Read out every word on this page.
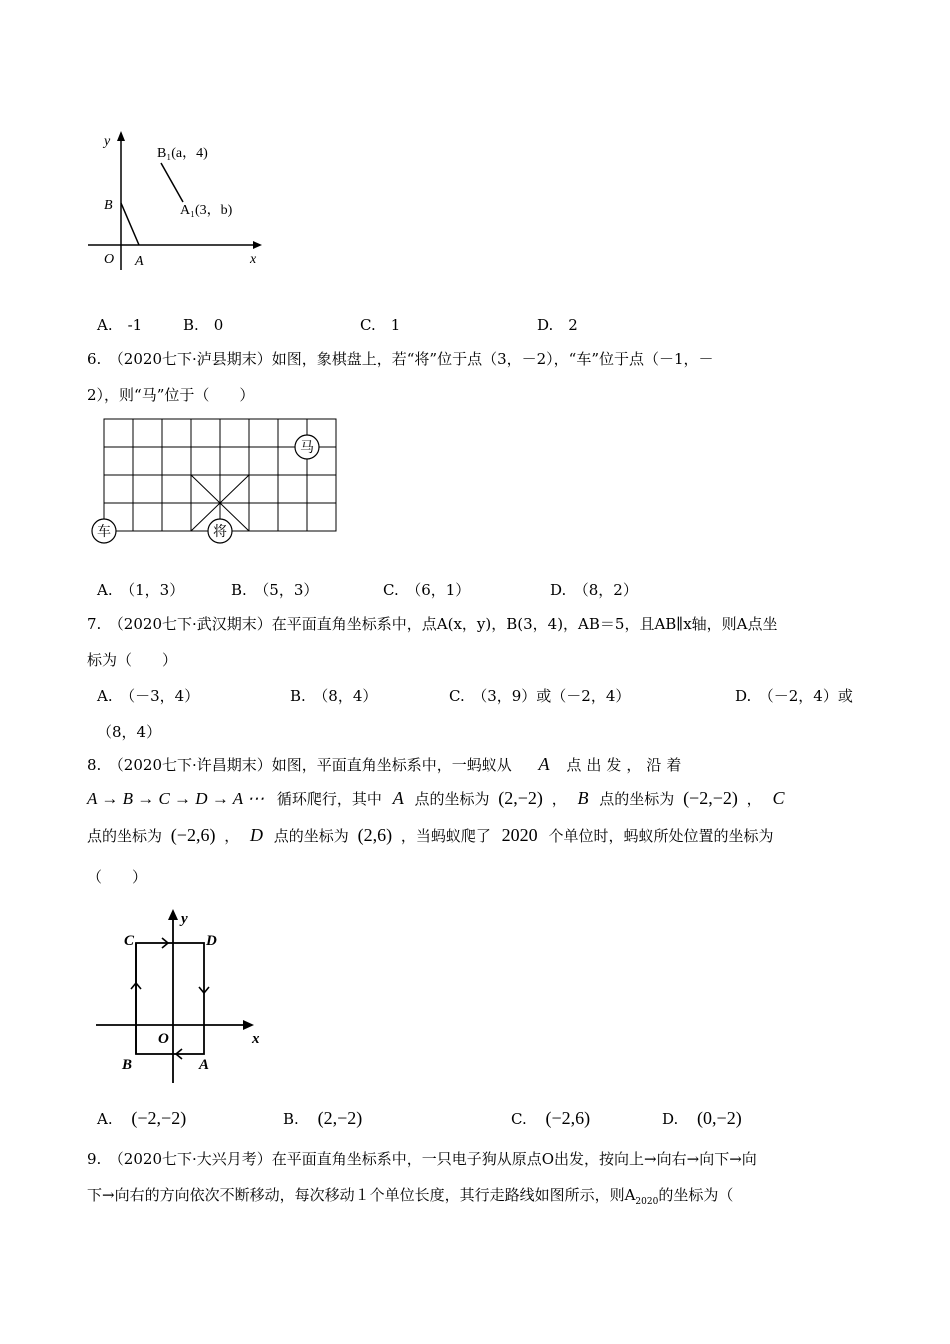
y
x
O A
B
B₁(a，4)
A₁(3，b)
A.　-1	B.　0	C.　1	D.　2
6.　（2020七下·泸县期末）如图，象棋盘上，若“将”位于点（3，－2），“车”位于点（－1，－
2），则“马”位于（　　）
马
车	将
A.　（1，3）	B.　（5，3）	C.　（6，1）	D.　（8，2）
7.　（2020七下·武汉期末）在平面直角坐标系中，点A(x，y)，B(3，4)，AB＝5，且AB∥x轴，则A点坐
标为（　　）
A.　（－3，4）	B.　（8，4）	C.　（3，9）或（－2，4）	D.　（－2，4）或
（8，4）
8.　（2020七下·许昌期末）如图，平面直角坐标系中，一蚂蚁从 A 点出发，沿着
A → B → C → D → A ⋯ 循环爬行，其中 A 点的坐标为 (2,−2) ， B 点的坐标为 (−2,−2) ， C
点的坐标为 (−2,6) ， D 点的坐标为 (2,6) ，当蚂蚁爬了 2020 个单位时，蚂蚁所处位置的坐标为
（　　）
y
x
O
A
B
C	D
A. (−2,−2)	B. (2,−2)	C. (−2,6)	D. (0,−2)
9.　（2020七下·大兴月考）在平面直角坐标系中，一只电子狗从原点O出发，按向上→向右→向下→向
下→向右的方向依次不断移动，每次移动１个单位长度，其行走路线如图所示，则$A_{2020}$的坐标为（
